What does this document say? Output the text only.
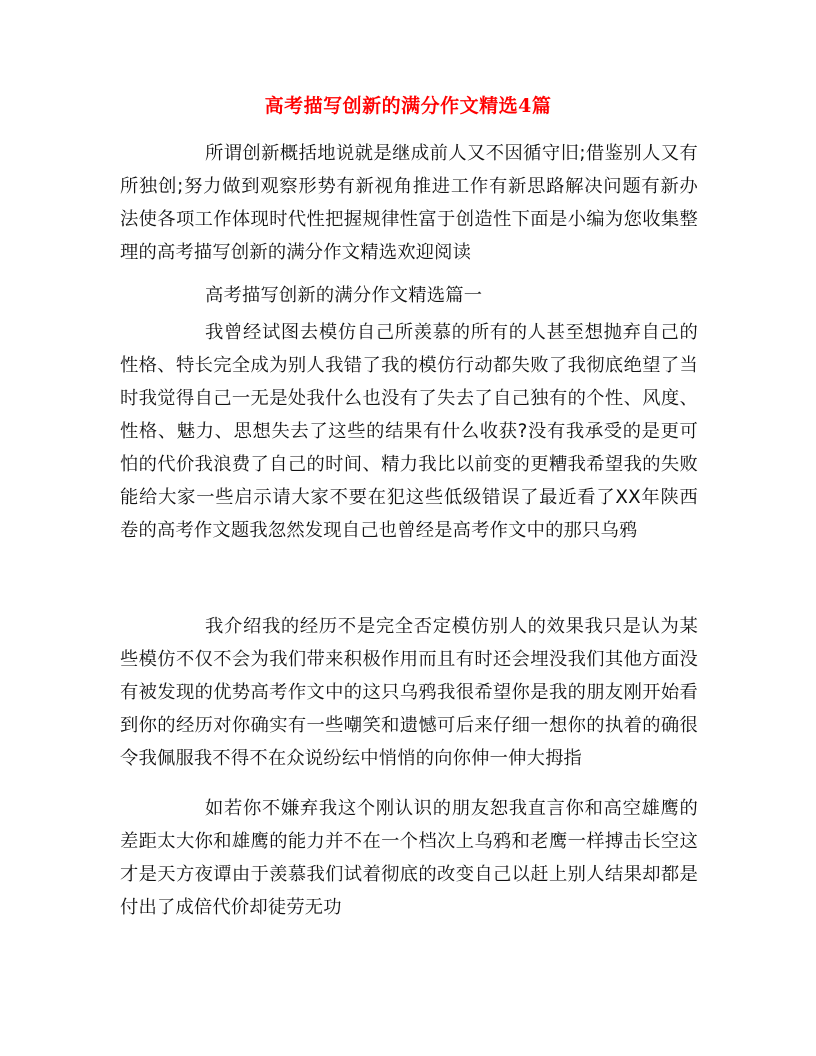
高考描写创新的满分作文精选4篇

所谓创新概括地说就是继成前人又不因循守旧;借鉴别人又有所独创;努力做到观察形势有新视角推进工作有新思路解决问题有新办法使各项工作体现时代性把握规律性富于创造性下面是小编为您收集整理的高考描写创新的满分作文精选欢迎阅读

高考描写创新的满分作文精选篇一

我曾经试图去模仿自己所羡慕的所有的人甚至想抛弃自己的性格、特长完全成为别人我错了我的模仿行动都失败了我彻底绝望了当时我觉得自己一无是处我什么也没有了失去了自己独有的个性、风度、性格、魅力、思想失去了这些的结果有什么收获?没有我承受的是更可怕的代价我浪费了自己的时间、精力我比以前变的更糟我希望我的失败能给大家一些启示请大家不要在犯这些低级错误了最近看了XX年陕西卷的高考作文题我忽然发现自己也曾经是高考作文中的那只乌鸦

我介绍我的经历不是完全否定模仿别人的效果我只是认为某些模仿不仅不会为我们带来积极作用而且有时还会埋没我们其他方面没有被发现的优势高考作文中的这只乌鸦我很希望你是我的朋友刚开始看到你的经历对你确实有一些嘲笑和遗憾可后来仔细一想你的执着的确很令我佩服我不得不在众说纷纭中悄悄的向你伸一伸大拇指

如若你不嫌弃我这个刚认识的朋友恕我直言你和高空雄鹰的差距太大你和雄鹰的能力并不在一个档次上乌鸦和老鹰一样搏击长空这才是天方夜谭由于羡慕我们试着彻底的改变自己以赶上别人结果却都是付出了成倍代价却徒劳无功
